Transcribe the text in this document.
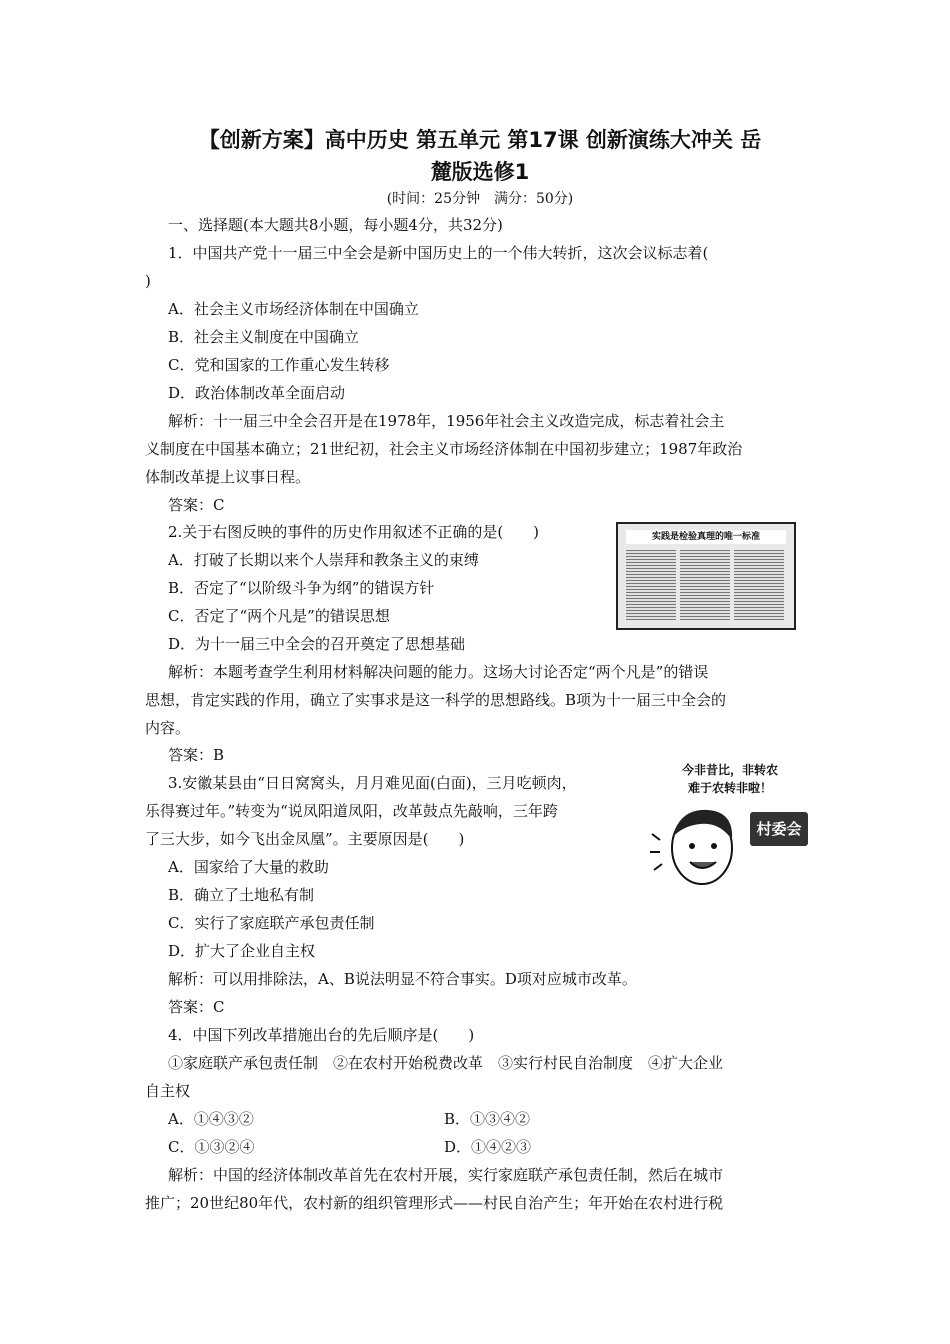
【创新方案】高中历史 第五单元 第17课 创新演练大冲关 岳
麓版选修1
(时间：25分钟　满分：50分)
一、选择题(本大题共8小题，每小题4分，共32分)
1．中国共产党十一届三中全会是新中国历史上的一个伟大转折，这次会议标志着(
)
A．社会主义市场经济体制在中国确立
B．社会主义制度在中国确立
C．党和国家的工作重心发生转移
D．政治体制改革全面启动
解析：十一届三中全会召开是在1978年，1956年社会主义改造完成，标志着社会主
义制度在中国基本确立；21世纪初，社会主义市场经济体制在中国初步建立；1987年政治
体制改革提上议事日程。
答案：C
2.关于右图反映的事件的历史作用叙述不正确的是(　　)
A．打破了长期以来个人崇拜和教条主义的束缚
B．否定了“以阶级斗争为纲”的错误方针
C．否定了“两个凡是”的错误思想
D．为十一届三中全会的召开奠定了思想基础
实践是检验真理的唯一标准
解析：本题考查学生利用材料解决问题的能力。这场大讨论否定“两个凡是”的错误
思想，肯定实践的作用，确立了实事求是这一科学的思想路线。B项为十一届三中全会的
内容。
答案：B
3.安徽某县由“日日窝窝头，月月难见面(白面)，三月吃顿肉，
乐得赛过年。”转变为“说凤阳道凤阳，改革鼓点先敲响，三年跨
了三大步，如今飞出金凤凰”。主要原因是(　　)
今非昔比，非转农
难于农转非啦！
村委会
A．国家给了大量的救助
B．确立了土地私有制
C．实行了家庭联产承包责任制
D．扩大了企业自主权
解析：可以用排除法，A、B说法明显不符合事实。D项对应城市改革。
答案：C
4．中国下列改革措施出台的先后顺序是(　　)
①家庭联产承包责任制　②在农村开始税费改革　③实行村民自治制度　④扩大企业
自主权
A．①④③②	B．①③④②
C．①③②④	D．①④②③
解析：中国的经济体制改革首先在农村开展，实行家庭联产承包责任制，然后在城市
推广；20世纪80年代，农村新的组织管理形式——村民自治产生；年开始在农村进行税
